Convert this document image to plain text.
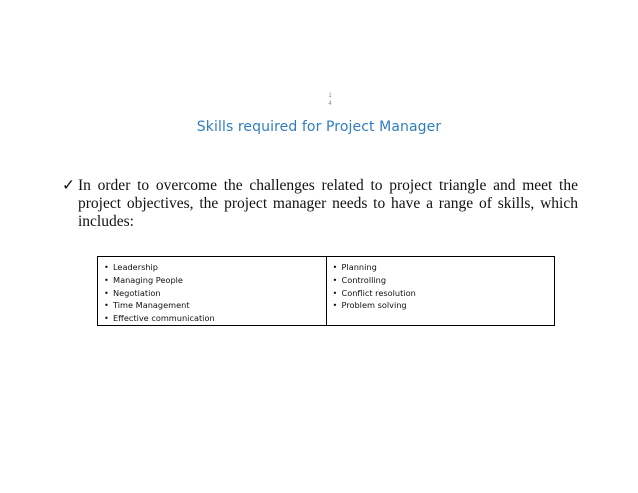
1
4
Skills required for Project Manager

✓ In order to overcome the challenges related to project triangle and meet the project objectives, the project manager needs to have a range of skills, which includes:

• Leadership
• Managing People
• Negotiation
• Time Management
• Effective communication
• Planning
• Controlling
• Conflict resolution
• Problem solving
